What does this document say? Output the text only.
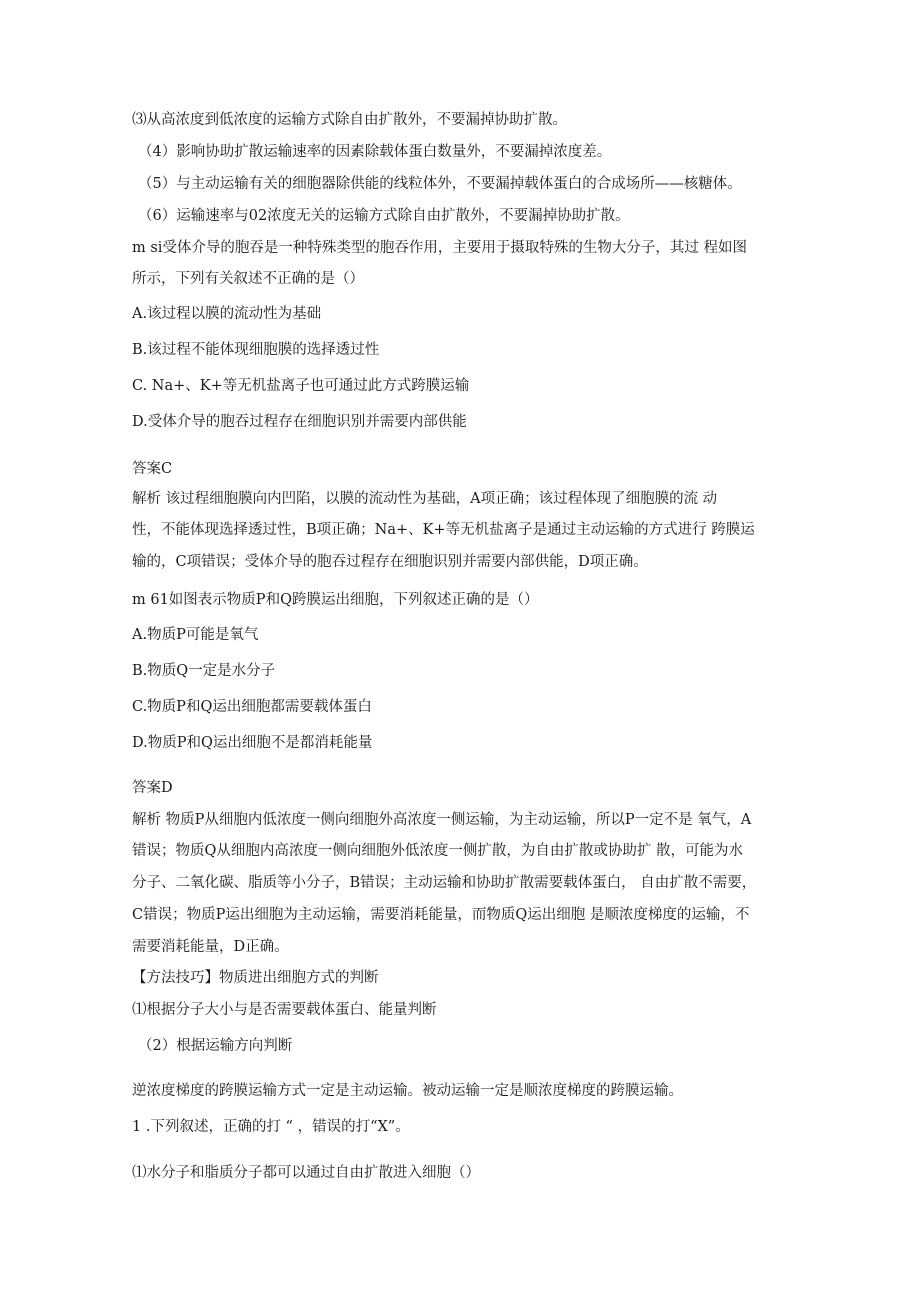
⑶从高浓度到低浓度的运输方式除自由扩散外，不要漏掉协助扩散。
（4）影响协助扩散运输速率的因素除载体蛋白数量外，不要漏掉浓度差。
（5）与主动运输有关的细胞器除供能的线粒体外，不要漏掉载体蛋白的合成场所——核糖体。
（6）运输速率与02浓度无关的运输方式除自由扩散外，不要漏掉协助扩散。
m si受体介导的胞吞是一种特殊类型的胞吞作用，主要用于摄取特殊的生物大分子，其过 程如图
所示，下列有关叙述不正确的是（）
A.该过程以膜的流动性为基础
B.该过程不能体现细胞膜的选择透过性
C. Na+、K+等无机盐离子也可通过此方式跨膜运输
D.受体介导的胞吞过程存在细胞识别并需要内部供能
答案C
解析 该过程细胞膜向内凹陷，以膜的流动性为基础，A项正确；该过程体现了细胞膜的流 动
性，不能体现选择透过性，B项正确；Na+、K+等无机盐离子是通过主动运输的方式进行 跨膜运
输的，C项错误；受体介导的胞吞过程存在细胞识别并需要内部供能，D项正确。
m 61如图表示物质P和Q跨膜运出细胞，下列叙述正确的是（）
A.物质P可能是氧气
B.物质Q一定是水分子
C.物质P和Q运出细胞都需要载体蛋白
D.物质P和Q运出细胞不是都消耗能量
答案D
解析 物质P从细胞内低浓度一侧向细胞外高浓度一侧运输，为主动运输，所以P一定不是 氧气，A
错误；物质Q从细胞内高浓度一侧向细胞外低浓度一侧扩散，为自由扩散或协助扩 散，可能为水
分子、二氧化碳、脂质等小分子，B错误；主动运输和协助扩散需要载体蛋白， 自由扩散不需要，
C错误；物质P运出细胞为主动运输，需要消耗能量，而物质Q运出细胞 是顺浓度梯度的运输，不
需要消耗能量，D正确。
【方法技巧】物质进出细胞方式的判断
⑴根据分子大小与是否需要载体蛋白、能量判断
（2）根据运输方向判断
逆浓度梯度的跨膜运输方式一定是主动运输。被动运输一定是顺浓度梯度的跨膜运输。
1 .下列叙述，正确的打 “ ，错误的打“X”。
⑴水分子和脂质分子都可以通过自由扩散进入细胞（）
